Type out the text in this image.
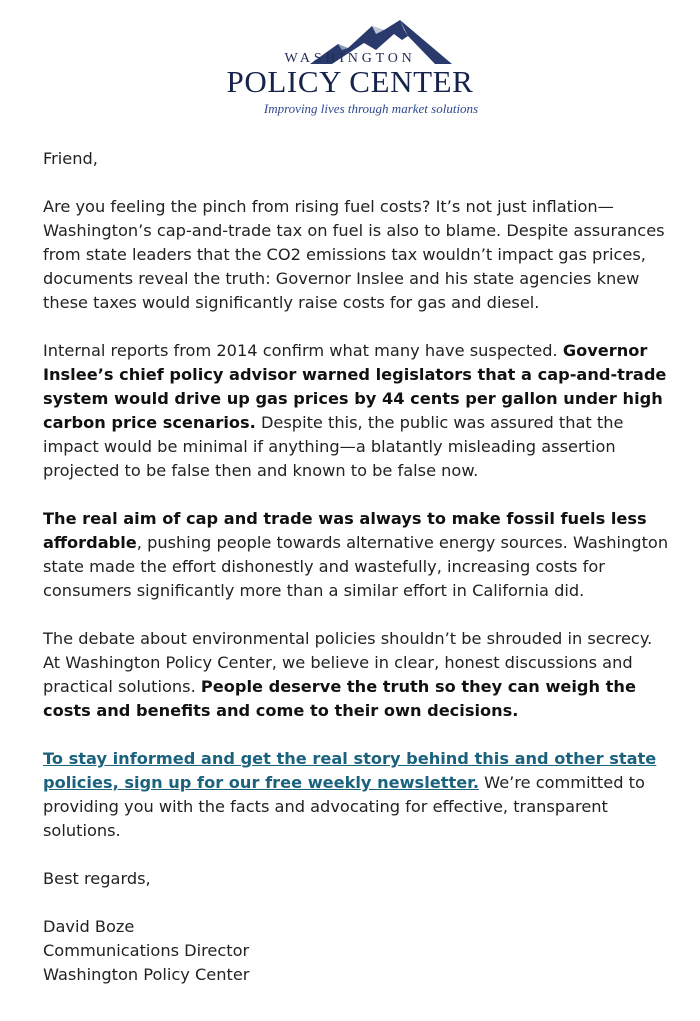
WASHINGTON
POLICY CENTER
Improving lives through market solutions

Friend,

Are you feeling the pinch from rising fuel costs? It’s not just inflation—Washington’s cap-and-trade tax on fuel is also to blame. Despite assurances from state leaders that the CO2 emissions tax wouldn’t impact gas prices, documents reveal the truth: Governor Inslee and his state agencies knew these taxes would significantly raise costs for gas and diesel.

Internal reports from 2014 confirm what many have suspected. Governor Inslee’s chief policy advisor warned legislators that a cap-and-trade system would drive up gas prices by 44 cents per gallon under high carbon price scenarios. Despite this, the public was assured that the impact would be minimal if anything—a blatantly misleading assertion projected to be false then and known to be false now.

The real aim of cap and trade was always to make fossil fuels less affordable, pushing people towards alternative energy sources. Washington state made the effort dishonestly and wastefully, increasing costs for consumers significantly more than a similar effort in California did.

The debate about environmental policies shouldn’t be shrouded in secrecy. At Washington Policy Center, we believe in clear, honest discussions and practical solutions. People deserve the truth so they can weigh the costs and benefits and come to their own decisions.

To stay informed and get the real story behind this and other state policies, sign up for our free weekly newsletter. We’re committed to providing you with the facts and advocating for effective, transparent solutions.

Best regards,

David Boze

Communications Director

Washington Policy Center
